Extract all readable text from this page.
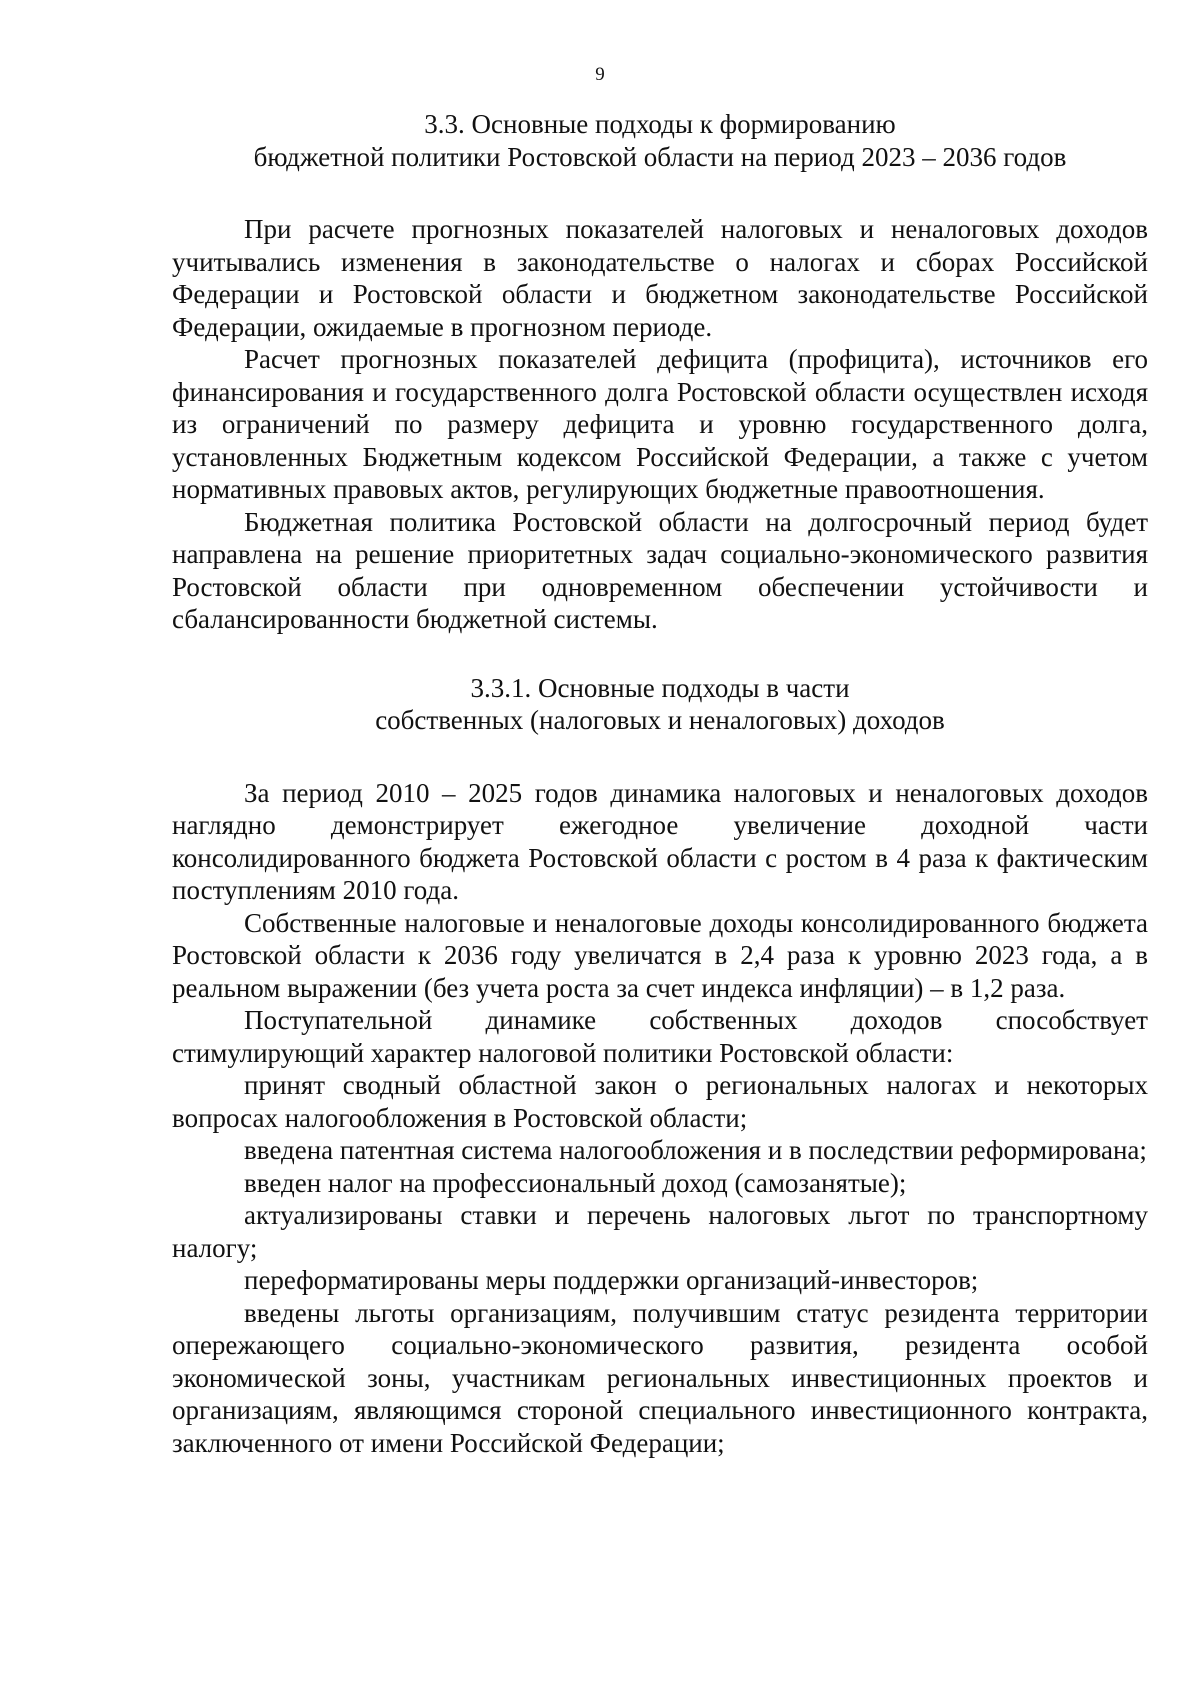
9
3.3. Основные подходы к формированию
бюджетной политики Ростовской области на период 2023 – 2036 годов

При расчете прогнозных показателей налоговых и неналоговых доходов учитывались изменения в законодательстве о налогах и сборах Российской Федерации и Ростовской области и бюджетном законодательстве Российской Федерации, ожидаемые в прогнозном периоде.

Расчет прогнозных показателей дефицита (профицита), источников его финансирования и государственного долга Ростовской области осуществлен исходя из ограничений по размеру дефицита и уровню государственного долга, установленных Бюджетным кодексом Российской Федерации, а также с учетом нормативных правовых актов, регулирующих бюджетные правоотношения.

Бюджетная политика Ростовской области на долгосрочный период будет направлена на решение приоритетных задач социально-экономического развития Ростовской области при одновременном обеспечении устойчивости и сбалансированности бюджетной системы.

3.3.1. Основные подходы в части
собственных (налоговых и неналоговых) доходов

За период 2010 – 2025 годов динамика налоговых и неналоговых доходов наглядно демонстрирует ежегодное увеличение доходной части консолидированного бюджета Ростовской области с ростом в 4 раза к фактическим поступлениям 2010 года.

Собственные налоговые и неналоговые доходы консолидированного бюджета Ростовской области к 2036 году увеличатся в 2,4 раза к уровню 2023 года, а в реальном выражении (без учета роста за счет индекса инфляции) – в 1,2 раза.

Поступательной динамике собственных доходов способствует стимулирующий характер налоговой политики Ростовской области:

принят сводный областной закон о региональных налогах и некоторых вопросах налогообложения в Ростовской области;

введена патентная система налогообложения и в последствии реформирована;

введен налог на профессиональный доход (самозанятые);

актуализированы ставки и перечень налоговых льгот по транспортному налогу;

переформатированы меры поддержки организаций-инвесторов;

введены льготы организациям, получившим статус резидента территории опережающего социально-экономического развития, резидента особой экономической зоны, участникам региональных инвестиционных проектов и организациям, являющимся стороной специального инвестиционного контракта, заключенного от имени Российской Федерации;
